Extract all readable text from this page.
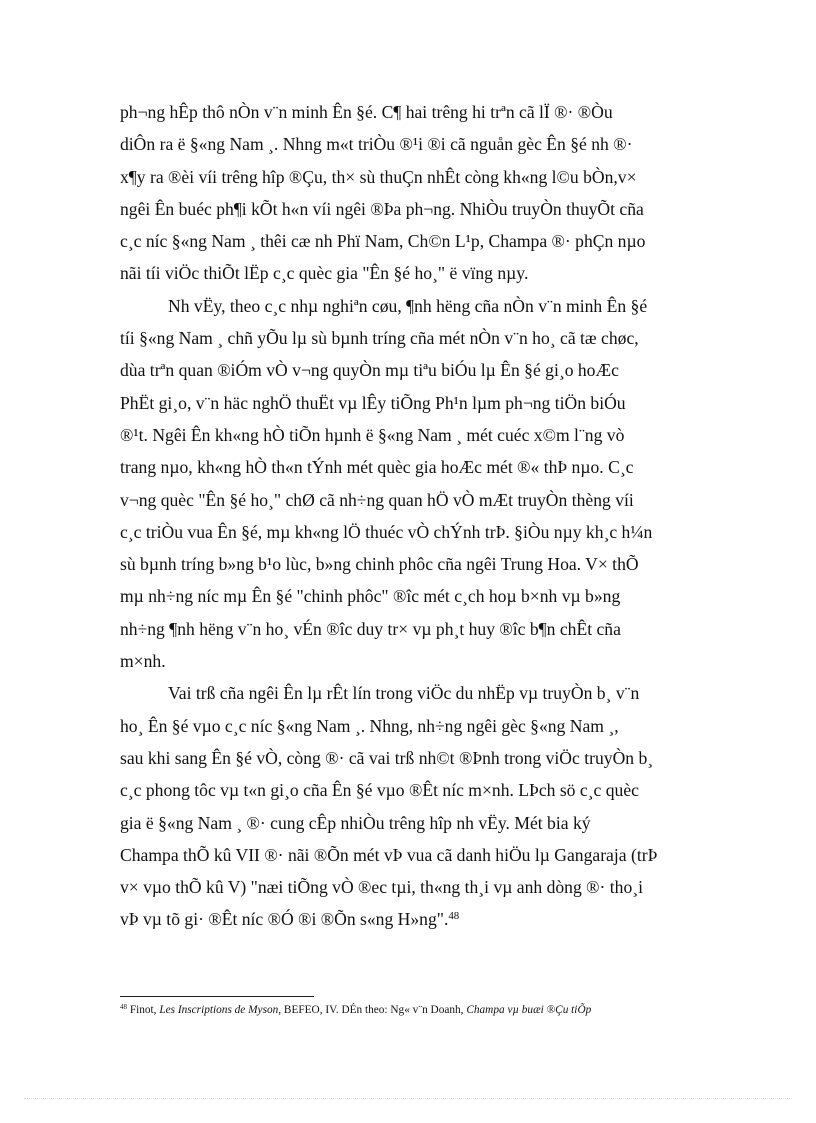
ph¬ng hÊp thô nÒn v¨n minh Ên §é. C¶ hai trêng hi trªn cã lÏ ®· ®Òu
diÔn ra ë §«ng Nam ¸. Nhng m«t triÒu ®¹i ®i cã nguån gèc Ên §é nh ®·
x¶y ra ®èi víi trêng hîp ®Çu, th× sù thuÇn nhÊt còng kh«ng l©u bÒn,v×
ngêi Ên buéc ph¶i kÕt h«n víi ngêi ®Þa ph¬ng. NhiÒu truyÒn thuyÕt cña
c¸c níc §«ng Nam ¸ thêi cæ nh Phï Nam, Ch©n L¹p, Champa ®· phÇn nµo
nãi tíi viÖc thiÕt lËp c¸c quèc gia "Ên §é ho¸" ë vïng nµy.

Nh vËy, theo c¸c nhµ nghiªn cøu, ¶nh hëng cña nÒn v¨n minh Ên §é
tíi §«ng Nam ¸ chñ yÕu lµ sù bµnh tríng cña mét nÒn v¨n ho¸ cã tæ chøc,
dùa trªn quan ®iÓm vÒ v¬ng quyÒn mµ tiªu biÓu lµ Ên §é gi¸o hoÆc
PhËt gi¸o, v¨n häc nghÖ thuËt vµ lÊy tiÕng Ph¹n lµm ph¬ng tiÖn biÓu
®¹t. Ngêi Ên kh«ng hÒ tiÕn hµnh ë §«ng Nam ¸ mét cuéc x©m l¨ng vò
trang nµo, kh«ng hÒ th«n tÝnh mét quèc gia hoÆc mét ®« thÞ nµo. C¸c
v¬ng quèc "Ên §é ho¸" chØ cã nh÷ng quan hÖ vÒ mÆt truyÒn thèng víi
c¸c triÒu vua Ên §é, mµ kh«ng lÖ thuéc vÒ chÝnh trÞ. §iÒu nµy kh¸c h¼n
sù bµnh tríng b»ng b¹o lùc, b»ng chinh phôc cña ngêi Trung Hoa. V× thÕ
mµ nh÷ng níc mµ Ên §é "chinh phôc" ®îc mét c¸ch hoµ b×nh vµ b»ng
nh÷ng ¶nh hëng v¨n ho¸ vÉn ®îc duy tr× vµ ph¸t huy ®îc b¶n chÊt cña
m×nh.

Vai trß cña ngêi Ên lµ rÊt lín trong viÖc du nhËp vµ truyÒn b¸ v¨n
ho¸ Ên §é vµo c¸c níc §«ng Nam ¸. Nhng, nh÷ng ngêi gèc §«ng Nam ¸,
sau khi sang Ên §é vÒ, còng ®· cã vai trß nh©t ®Þnh trong viÖc truyÒn b¸
c¸c phong tôc vµ t«n gi¸o cña Ên §é vµo ®Êt níc m×nh. LÞch sö c¸c quèc
gia ë §«ng Nam ¸ ®· cung cÊp nhiÒu trêng hîp nh vËy. Mét bia ký
Champa thÕ kû VII ®· nãi ®Õn mét vÞ vua cã danh hiÖu lµ Gangaraja (trÞ
v× vµo thÕ kû V) "næi tiÕng vÒ ®ec tµi, th«ng th¸i vµ anh dòng ®· tho¸i
vÞ vµ tõ gi· ®Êt níc ®Ó ®i ®Õn s«ng H»ng".$^{48}$

$^{48}$ Finot, Les Inscriptions de Myson, BEFEO, IV. DÉn theo: Ng« v¨n Doanh, Champa vµ buæi ®Çu tiÕp
